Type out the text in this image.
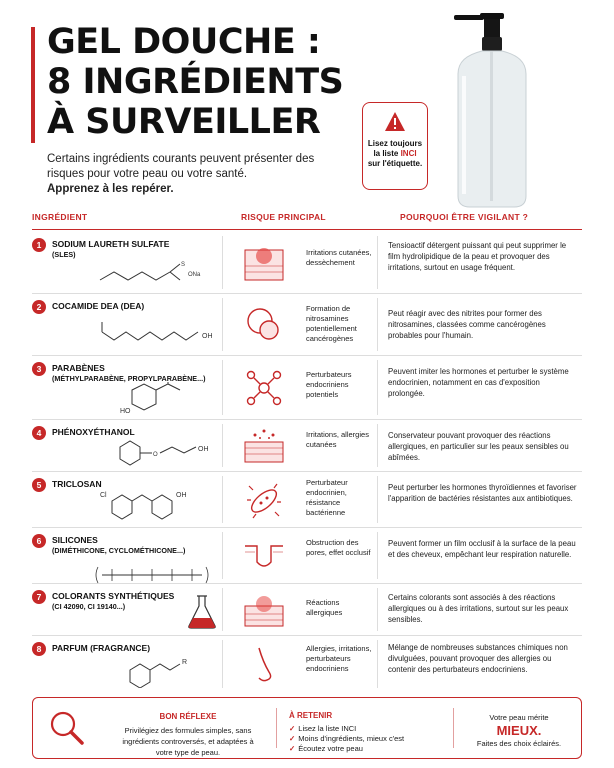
GEL DOUCHE :
8 INGRÉDIENTS
À SURVEILLER
Certains ingrédients courants peuvent présenter des risques pour votre peau ou votre santé.
Apprenez à les repérer.
Lisez toujours
la liste INCI
sur l'étiquette.
INGRÉDIENT	RISQUE PRINCIPAL	POURQUOI ÊTRE VIGILANT ?
1	SODIUM LAURETH SULFATE
(SLES)
S
ONa
Irritations cutanées, dessèchement
Tensioactif détergent puissant qui peut supprimer le film hydrolipidique de la peau et provoquer des irritations, surtout en usage fréquent.
2	COCAMIDE DEA (DEA)
OH
Formation de nitrosamines potentiellement cancérogènes
Peut réagir avec des nitrites pour former des nitrosamines, classées comme cancérogènes probables pour l'humain.
3	PARABÈNES
(MÉTHYLPARABÈNE, PROPYLPARABÈNE...)
HO
Perturbateurs endocriniens potentiels
Peuvent imiter les hormones et perturber le système endocrinien, notamment en cas d'exposition prolongée.
4	PHÉNOXYÉTHANOL
O
OH
Irritations, allergies cutanées
Conservateur pouvant provoquer des réactions allergiques, en particulier sur les peaux sensibles ou abîmées.
5	TRICLOSAN
Cl	OH
Perturbateur endocrinien, résistance bactérienne
Peut perturber les hormones thyroïdiennes et favoriser l'apparition de bactéries résistantes aux antibiotiques.
6	SILICONES
(DIMÉTHICONE, CYCLOMÉTHICONE...)
Obstruction des pores, effet occlusif
Peuvent former un film occlusif à la surface de la peau et des cheveux, empêchant leur respiration naturelle.
7	COLORANTS SYNTHÉTIQUES
(CI 42090, CI 19140...)	Réactions allergiques
Certains colorants sont associés à des réactions allergiques ou à des irritations, surtout sur les peaux sensibles.
8	PARFUM (FRAGRANCE)
R
Allergies, irritations, perturbateurs endocriniens
Mélange de nombreuses substances chimiques non divulguées, pouvant provoquer des allergies ou contenir des perturbateurs endocriniens.
BON RÉFLEXE
Privilégiez des formules simples, sans ingrédients controversés, et adaptées à votre type de peau.
À RETENIR
✓ Lisez la liste INCI
✓ Moins d'ingrédients, mieux c'est
✓ Écoutez votre peau
Votre peau mérite
MIEUX.
Faites des choix éclairés.
